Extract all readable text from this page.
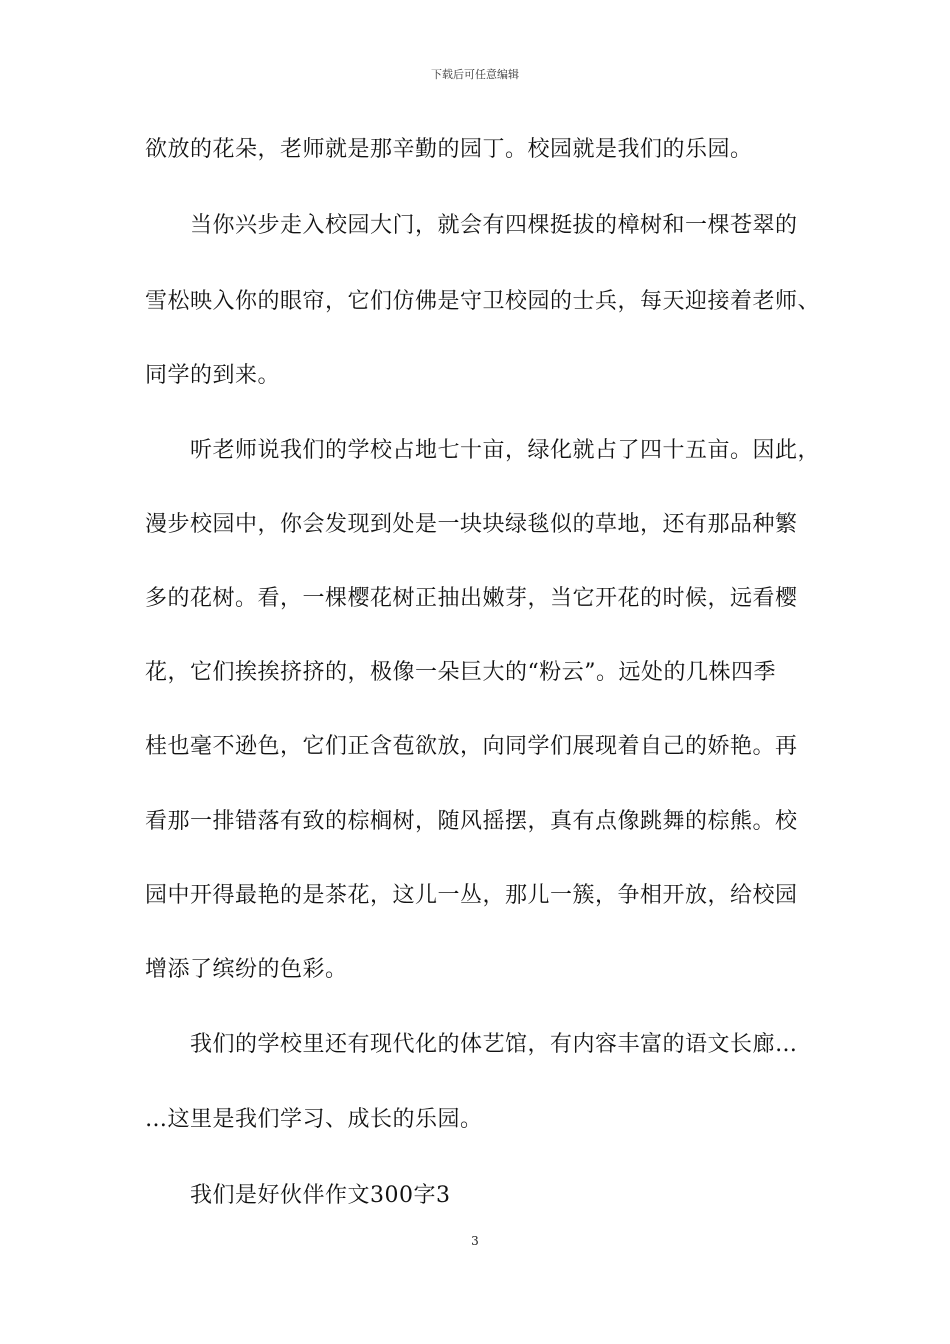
下载后可任意编辑
欲放的花朵，老师就是那辛勤的园丁。校园就是我们的乐园。
当你兴步走入校园大门，就会有四棵挺拔的樟树和一棵苍翠的
雪松映入你的眼帘，它们仿佛是守卫校园的士兵，每天迎接着老师、
同学的到来。
听老师说我们的学校占地七十亩，绿化就占了四十五亩。因此，
漫步校园中，你会发现到处是一块块绿毯似的草地，还有那品种繁
多的花树。看，一棵樱花树正抽出嫩芽，当它开花的时候，远看樱
花，它们挨挨挤挤的，极像一朵巨大的“粉云”。远处的几株四季
桂也毫不逊色，它们正含苞欲放，向同学们展现着自己的娇艳。再
看那一排错落有致的棕榈树，随风摇摆，真有点像跳舞的棕熊。校
园中开得最艳的是茶花，这儿一丛，那儿一簇，争相开放，给校园
增添了缤纷的色彩。
我们的学校里还有现代化的体艺馆，有内容丰富的语文长廊…
…这里是我们学习、成长的乐园。
我们是好伙伴作文300字3
3
